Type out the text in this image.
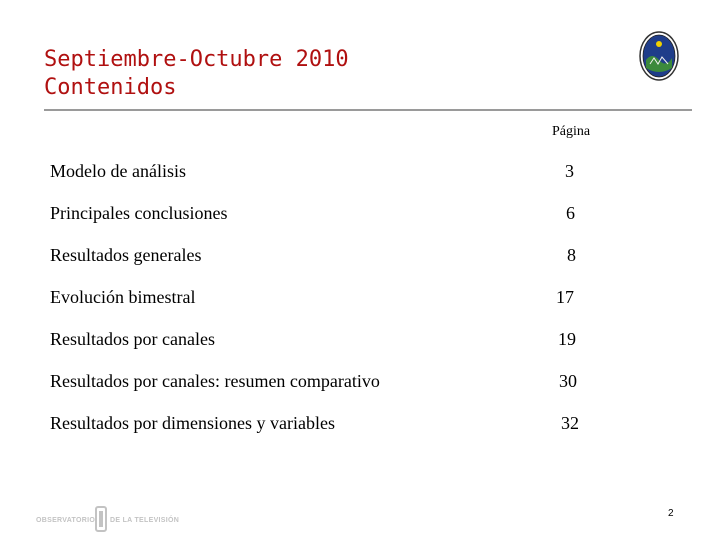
Septiembre-Octubre 2010
Contenidos
Página
Modelo de análisis	3
Principales conclusiones	6
Resultados generales	8
Evolución bimestral	17
Resultados por canales	19
Resultados por canales: resumen comparativo	30
Resultados por dimensiones y variables	32
OBSERVATORIO DE LA TELEVISIÓN
2
